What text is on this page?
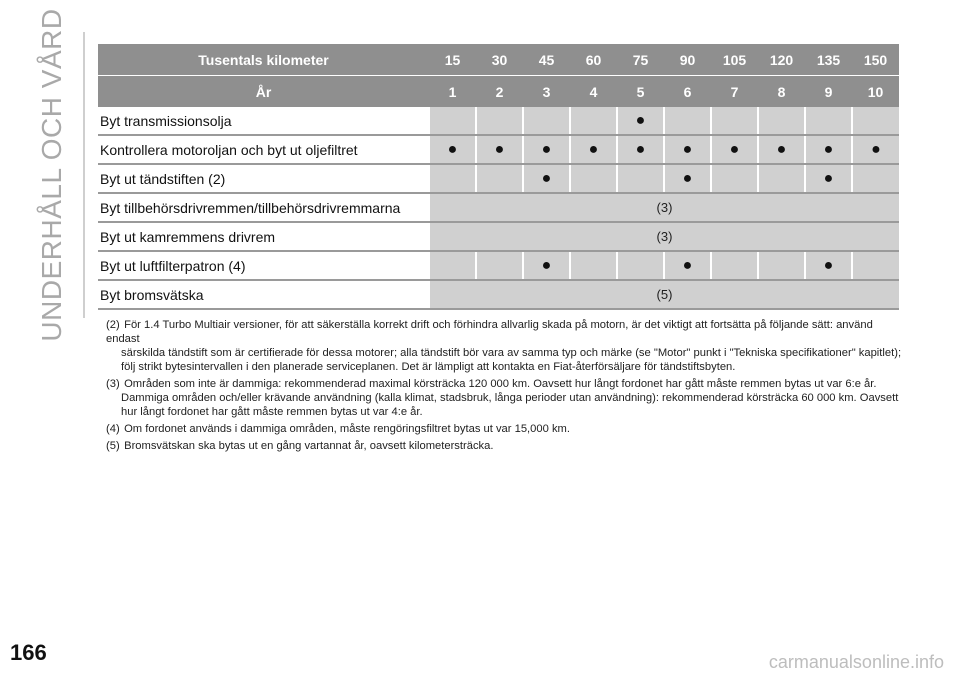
UNDERHÅLL OCH VÅRD	Tusentals kilometer	15	30	45	60	75	90	105	120	135	150
År	1	2	3	4	5	6	7	8	9	10
Byt transmissionsolja					●					
Kontrollera motoroljan och byt ut oljefiltret	●	●	●	●	●	●	●	●	●	●
Byt ut tändstiften (2)			●			●			●	
Byt tillbehörsdrivremmen/tillbehörsdrivremmarna	(3)									
Byt ut kamremmens drivrem	(3)									
Byt ut luftfilterpatron (4)			●			●			●	
Byt bromsvätska	(5)									
(2) För 1.4 Turbo Multiair versioner, för att säkerställa korrekt drift och förhindra allvarlig skada på motorn, är det viktigt att fortsätta på följande sätt: använd endast
särskilda tändstift som är certifierade för dessa motorer; alla tändstift bör vara av samma typ och märke (se "Motor" punkt i "Tekniska specifikationer" kapitlet); följ strikt bytesintervallen i den planerade serviceplanen. Det är lämpligt att kontakta en Fiat-återförsäljare för tändstiftsbyten.
(3) Områden som inte är dammiga: rekommenderad maximal körsträcka 120 000 km. Oavsett hur långt fordonet har gått måste remmen bytas ut var 6:e år.
Dammiga områden och/eller krävande användning (kalla klimat, stadsbruk, långa perioder utan användning): rekommenderad körsträcka 60 000 km. Oavsett hur långt fordonet har gått måste remmen bytas ut var 4:e år.
(4) Om fordonet används i dammiga områden, måste rengöringsfiltret bytas ut var 15,000 km.
(5) Bromsvätskan ska bytas ut en gång vartannat år, oavsett kilometersträcka.
166	carmanualsonline.info
